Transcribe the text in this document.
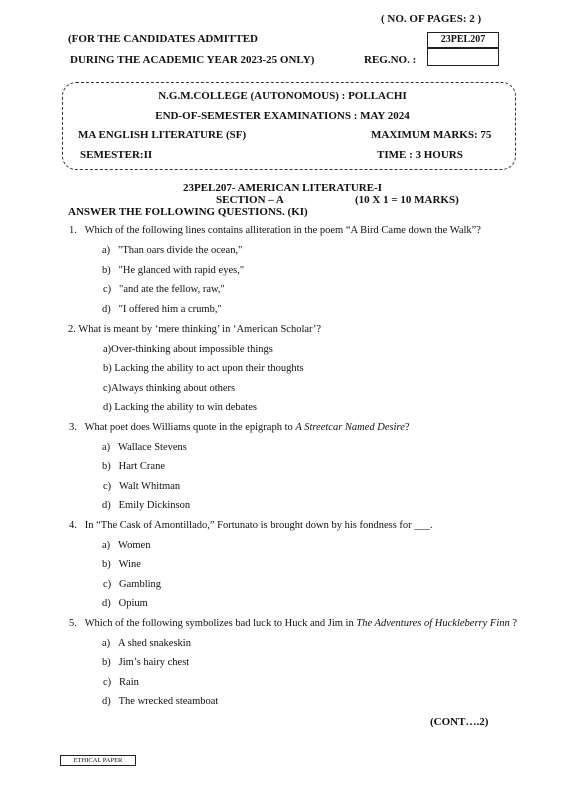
( NO. OF PAGES: 2 )
23PEL207
(FOR THE CANDIDATES ADMITTED
DURING THE ACADEMIC YEAR 2023-25 ONLY)	REG.NO. :
N.G.M.COLLEGE (AUTONOMOUS) : POLLACHI
END-OF-SEMESTER EXAMINATIONS : MAY 2024
MA ENGLISH LITERATURE (SF)	MAXIMUM MARKS: 75
SEMESTER:II	TIME : 3 HOURS
23PEL207- AMERICAN LITERATURE-I
SECTION – A	(10 X 1 = 10 MARKS)
ANSWER THE FOLLOWING QUESTIONS. (KI)
1. Which of the following lines contains alliteration in the poem “A Bird Came down the Walk”?
a) "Than oars divide the ocean,"
b) "He glanced with rapid eyes,"
c) "and ate the fellow, raw,"
d) "I offered him a crumb,"
2. What is meant by ‘mere thinking’ in ‘American Scholar’?
a)Over-thinking about impossible things
b) Lacking the ability to act upon their thoughts
c)Always thinking about others
d) Lacking the ability to win debates
3. What poet does Williams quote in the epigraph to A Streetcar Named Desire?
a) Wallace Stevens
b) Hart Crane
c) Walt Whitman
d) Emily Dickinson
4. In “The Cask of Amontillado,” Fortunato is brought down by his fondness for ___.
a) Women
b) Wine
c) Gambling
d) Opium
5. Which of the following symbolizes bad luck to Huck and Jim in The Adventures of Huckleberry Finn ?
a) A shed snakeskin
b) Jim’s hairy chest
c) Rain
d) The wrecked steamboat
(CONT….2)
ETHICAL PAPER
